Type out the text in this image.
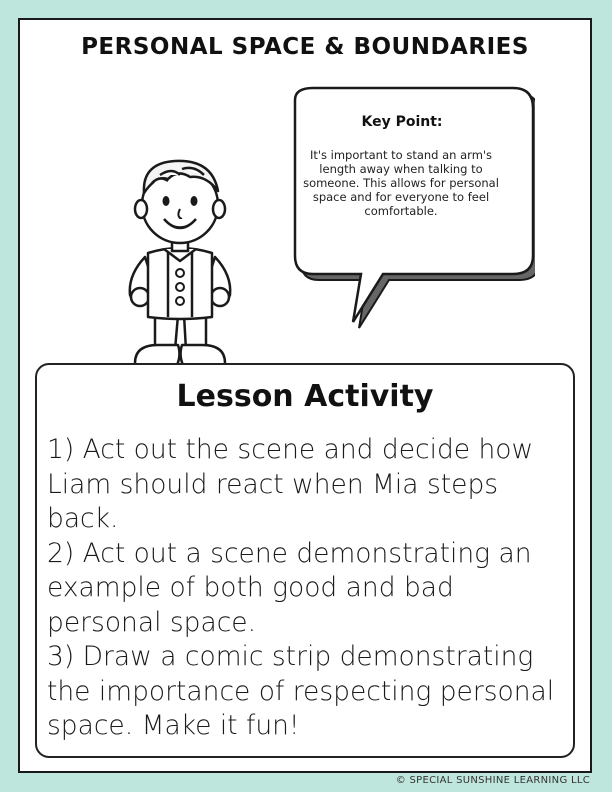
PERSONAL SPACE & BOUNDARIES
Key Point:
It's important to stand an arm's length away when talking to someone. This allows for personal space and for everyone to feel comfortable.
Lesson Activity
1) Act out the scene and decide how Liam should react when Mia steps back.
2) Act out a scene demonstrating an example of both good and bad personal space.
3) Draw a comic strip demonstrating the importance of respecting personal space. Make it fun!
© SPECIAL SUNSHINE LEARNING LLC
